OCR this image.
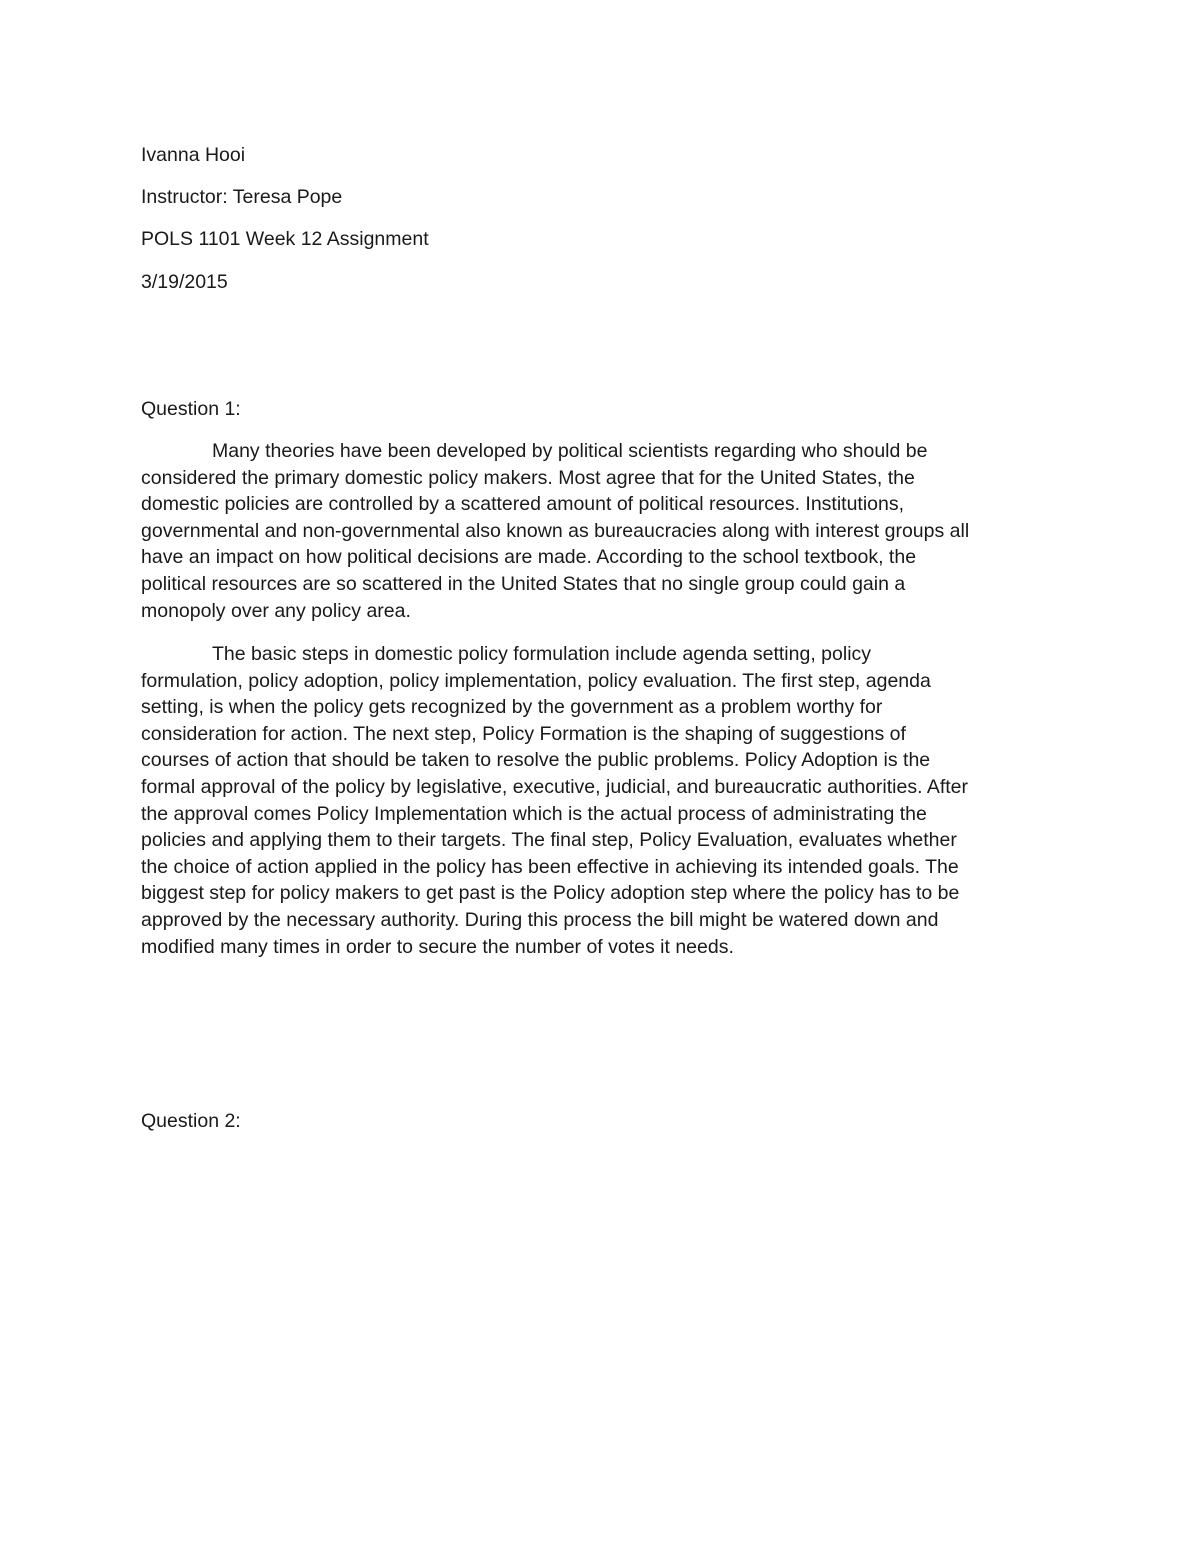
Ivanna Hooi
Instructor: Teresa Pope
POLS 1101 Week 12 Assignment
3/19/2015
Question 1:

Many theories have been developed by political scientists regarding who should be
considered the primary domestic policy makers. Most agree that for the United States, the
domestic policies are controlled by a scattered amount of political resources. Institutions,
governmental and non-governmental also known as bureaucracies along with interest groups all
have an impact on how political decisions are made. According to the school textbook, the
political resources are so scattered in the United States that no single group could gain a
monopoly over any policy area.

The basic steps in domestic policy formulation include agenda setting, policy
formulation, policy adoption, policy implementation, policy evaluation. The first step, agenda
setting, is when the policy gets recognized by the government as a problem worthy for
consideration for action. The next step, Policy Formation is the shaping of suggestions of
courses of action that should be taken to resolve the public problems. Policy Adoption is the
formal approval of the policy by legislative, executive, judicial, and bureaucratic authorities. After
the approval comes Policy Implementation which is the actual process of administrating the
policies and applying them to their targets. The final step, Policy Evaluation, evaluates whether
the choice of action applied in the policy has been effective in achieving its intended goals. The
biggest step for policy makers to get past is the Policy adoption step where the policy has to be
approved by the necessary authority. During this process the bill might be watered down and
modified many times in order to secure the number of votes it needs.

Question 2:
